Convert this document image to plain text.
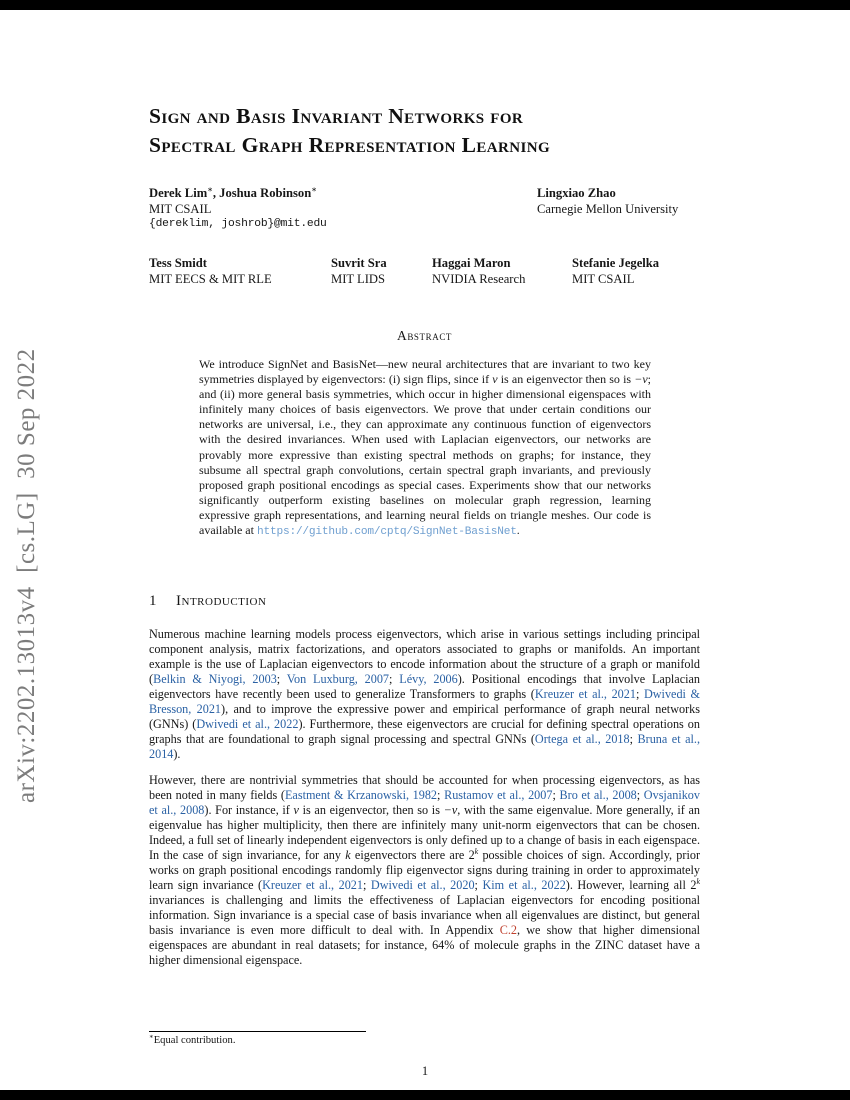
arXiv:2202.13013v4  [cs.LG]  30 Sep 2022
Sign and Basis Invariant Networks for
Spectral Graph Representation Learning
Derek Lim∗, Joshua Robinson∗
MIT CSAIL
{dereklim, joshrob}@mit.edu
Lingxiao Zhao
Carnegie Mellon University
Tess Smidt
MIT EECS & MIT RLE
Suvrit Sra
MIT LIDS
Haggai Maron
NVIDIA Research
Stefanie Jegelka
MIT CSAIL
Abstract
We introduce SignNet and BasisNet—new neural architectures that are invariant to two key symmetries displayed by eigenvectors: (i) sign flips, since if v is an eigenvector then so is −v; and (ii) more general basis symmetries, which occur in higher dimensional eigenspaces with infinitely many choices of basis eigenvectors. We prove that under certain conditions our networks are universal, i.e., they can approximate any continuous function of eigenvectors with the desired invariances. When used with Laplacian eigenvectors, our networks are provably more expressive than existing spectral methods on graphs; for instance, they subsume all spectral graph convolutions, certain spectral graph invariants, and previously proposed graph positional encodings as special cases. Experiments show that our networks significantly outperform existing baselines on molecular graph regression, learning expressive graph representations, and learning neural fields on triangle meshes. Our code is available at https://github.com/cptq/SignNet-BasisNet.
1 Introduction
Numerous machine learning models process eigenvectors, which arise in various settings including principal component analysis, matrix factorizations, and operators associated to graphs or manifolds. An important example is the use of Laplacian eigenvectors to encode information about the structure of a graph or manifold (Belkin & Niyogi, 2003; Von Luxburg, 2007; Lévy, 2006). Positional encodings that involve Laplacian eigenvectors have recently been used to generalize Transformers to graphs (Kreuzer et al., 2021; Dwivedi & Bresson, 2021), and to improve the expressive power and empirical performance of graph neural networks (GNNs) (Dwivedi et al., 2022). Furthermore, these eigenvectors are crucial for defining spectral operations on graphs that are foundational to graph signal processing and spectral GNNs (Ortega et al., 2018; Bruna et al., 2014).
However, there are nontrivial symmetries that should be accounted for when processing eigenvectors, as has been noted in many fields (Eastment & Krzanowski, 1982; Rustamov et al., 2007; Bro et al., 2008; Ovsjanikov et al., 2008). For instance, if v is an eigenvector, then so is −v, with the same eigenvalue. More generally, if an eigenvalue has higher multiplicity, then there are infinitely many unit-norm eigenvectors that can be chosen. Indeed, a full set of linearly independent eigenvectors is only defined up to a change of basis in each eigenspace. In the case of sign invariance, for any k eigenvectors there are 2$^k$ possible choices of sign. Accordingly, prior works on graph positional encodings randomly flip eigenvector signs during training in order to approximately learn sign invariance (Kreuzer et al., 2021; Dwivedi et al., 2020; Kim et al., 2022). However, learning all 2$^k$ invariances is challenging and limits the effectiveness of Laplacian eigenvectors for encoding positional information. Sign invariance is a special case of basis invariance when all eigenvalues are distinct, but general basis invariance is even more difficult to deal with. In Appendix C.2, we show that higher dimensional eigenspaces are abundant in real datasets; for instance, 64% of molecule graphs in the ZINC dataset have a higher dimensional eigenspace.
∗Equal contribution.
1
